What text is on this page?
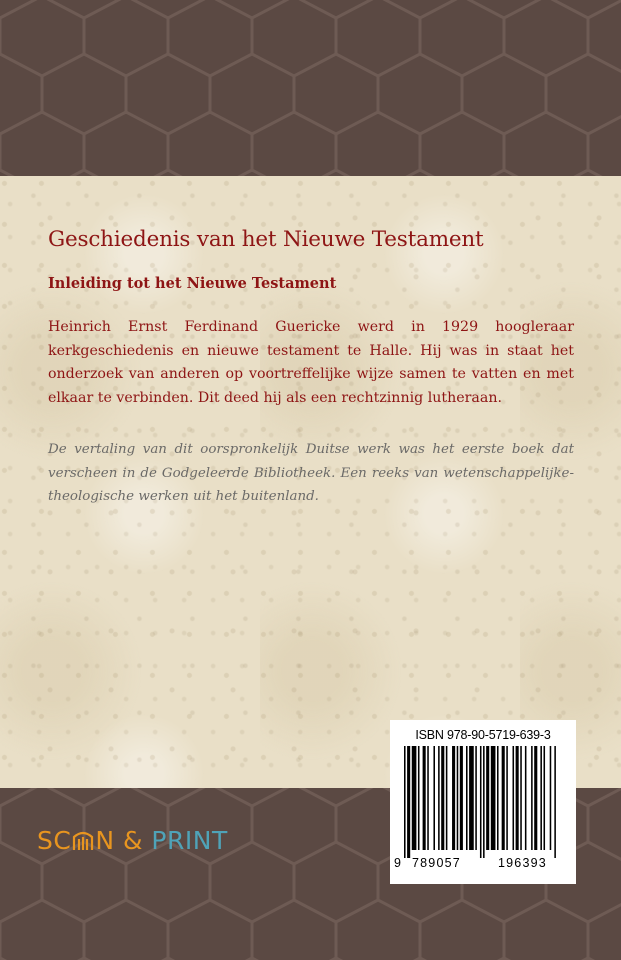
Geschiedenis van het Nieuwe Testament
Inleiding tot het Nieuwe Testament

Heinrich Ernst Ferdinand Guericke werd in 1929 hoogleraar kerkgeschiedenis en nieuwe testament te Halle. Hij was in staat het onderzoek van anderen op voortreffelijke wijze samen te vatten en met elkaar te verbinden. Dit deed hij als een rechtzinnig lutheraan.

De vertaling van dit oorspronkelijk Duitse werk was het eerste boek dat verscheen in de Godgeleerde Bibliotheek. Een reeks van wetenschappelijke-theologische werken uit het buitenland.

SC N & PRINT
ISBN 978-90-5719-639-3
9 789057	196393
